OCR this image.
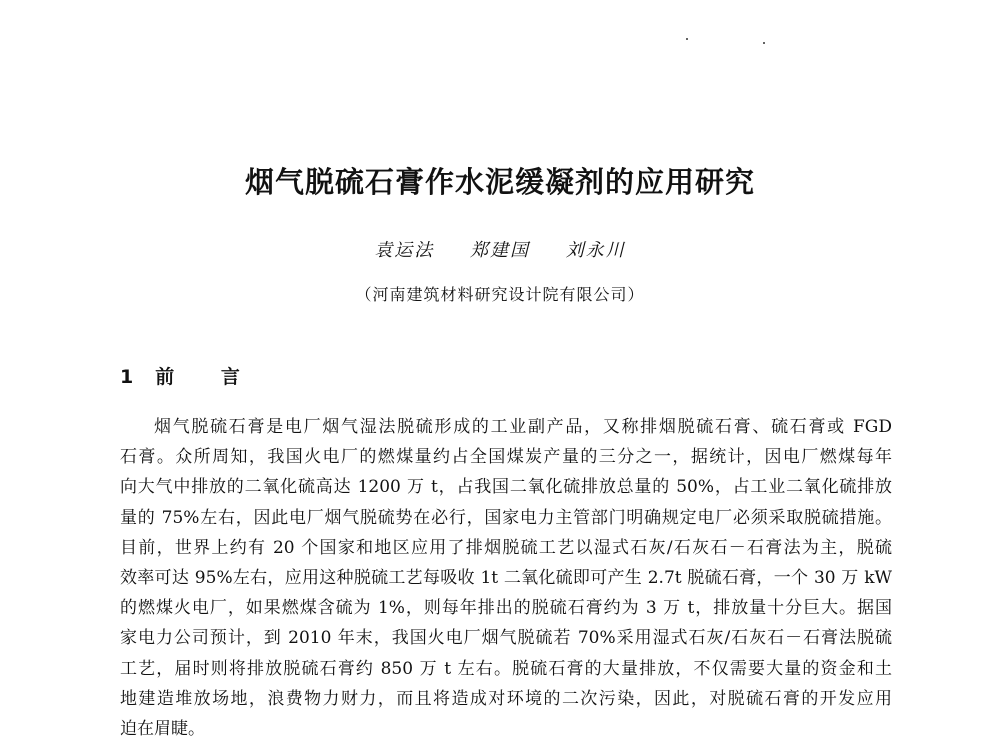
烟气脱硫石膏作水泥缓凝剂的应用研究
袁运法 郑建国 刘永川
（河南建筑材料研究设计院有限公司）
1 前 言
烟气脱硫石膏是电厂烟气湿法脱硫形成的工业副产品，又称排烟脱硫石膏、硫石膏或 FGD
石膏。众所周知，我国火电厂的燃煤量约占全国煤炭产量的三分之一，据统计，因电厂燃煤每年
向大气中排放的二氧化硫高达 1200 万 t，占我国二氧化硫排放总量的 50%，占工业二氧化硫排放
量的 75%左右，因此电厂烟气脱硫势在必行，国家电力主管部门明确规定电厂必须采取脱硫措施。
目前，世界上约有 20 个国家和地区应用了排烟脱硫工艺以湿式石灰/石灰石－石膏法为主，脱硫
效率可达 95%左右，应用这种脱硫工艺每吸收 1t 二氧化硫即可产生 2.7t 脱硫石膏，一个 30 万 kW
的燃煤火电厂，如果燃煤含硫为 1%，则每年排出的脱硫石膏约为 3 万 t，排放量十分巨大。据国
家电力公司预计，到 2010 年末，我国火电厂烟气脱硫若 70%采用湿式石灰/石灰石－石膏法脱硫
工艺，届时则将排放脱硫石膏约 850 万 t 左右。脱硫石膏的大量排放，不仅需要大量的资金和土
地建造堆放场地，浪费物力财力，而且将造成对环境的二次污染，因此，对脱硫石膏的开发应用
迫在眉睫。
